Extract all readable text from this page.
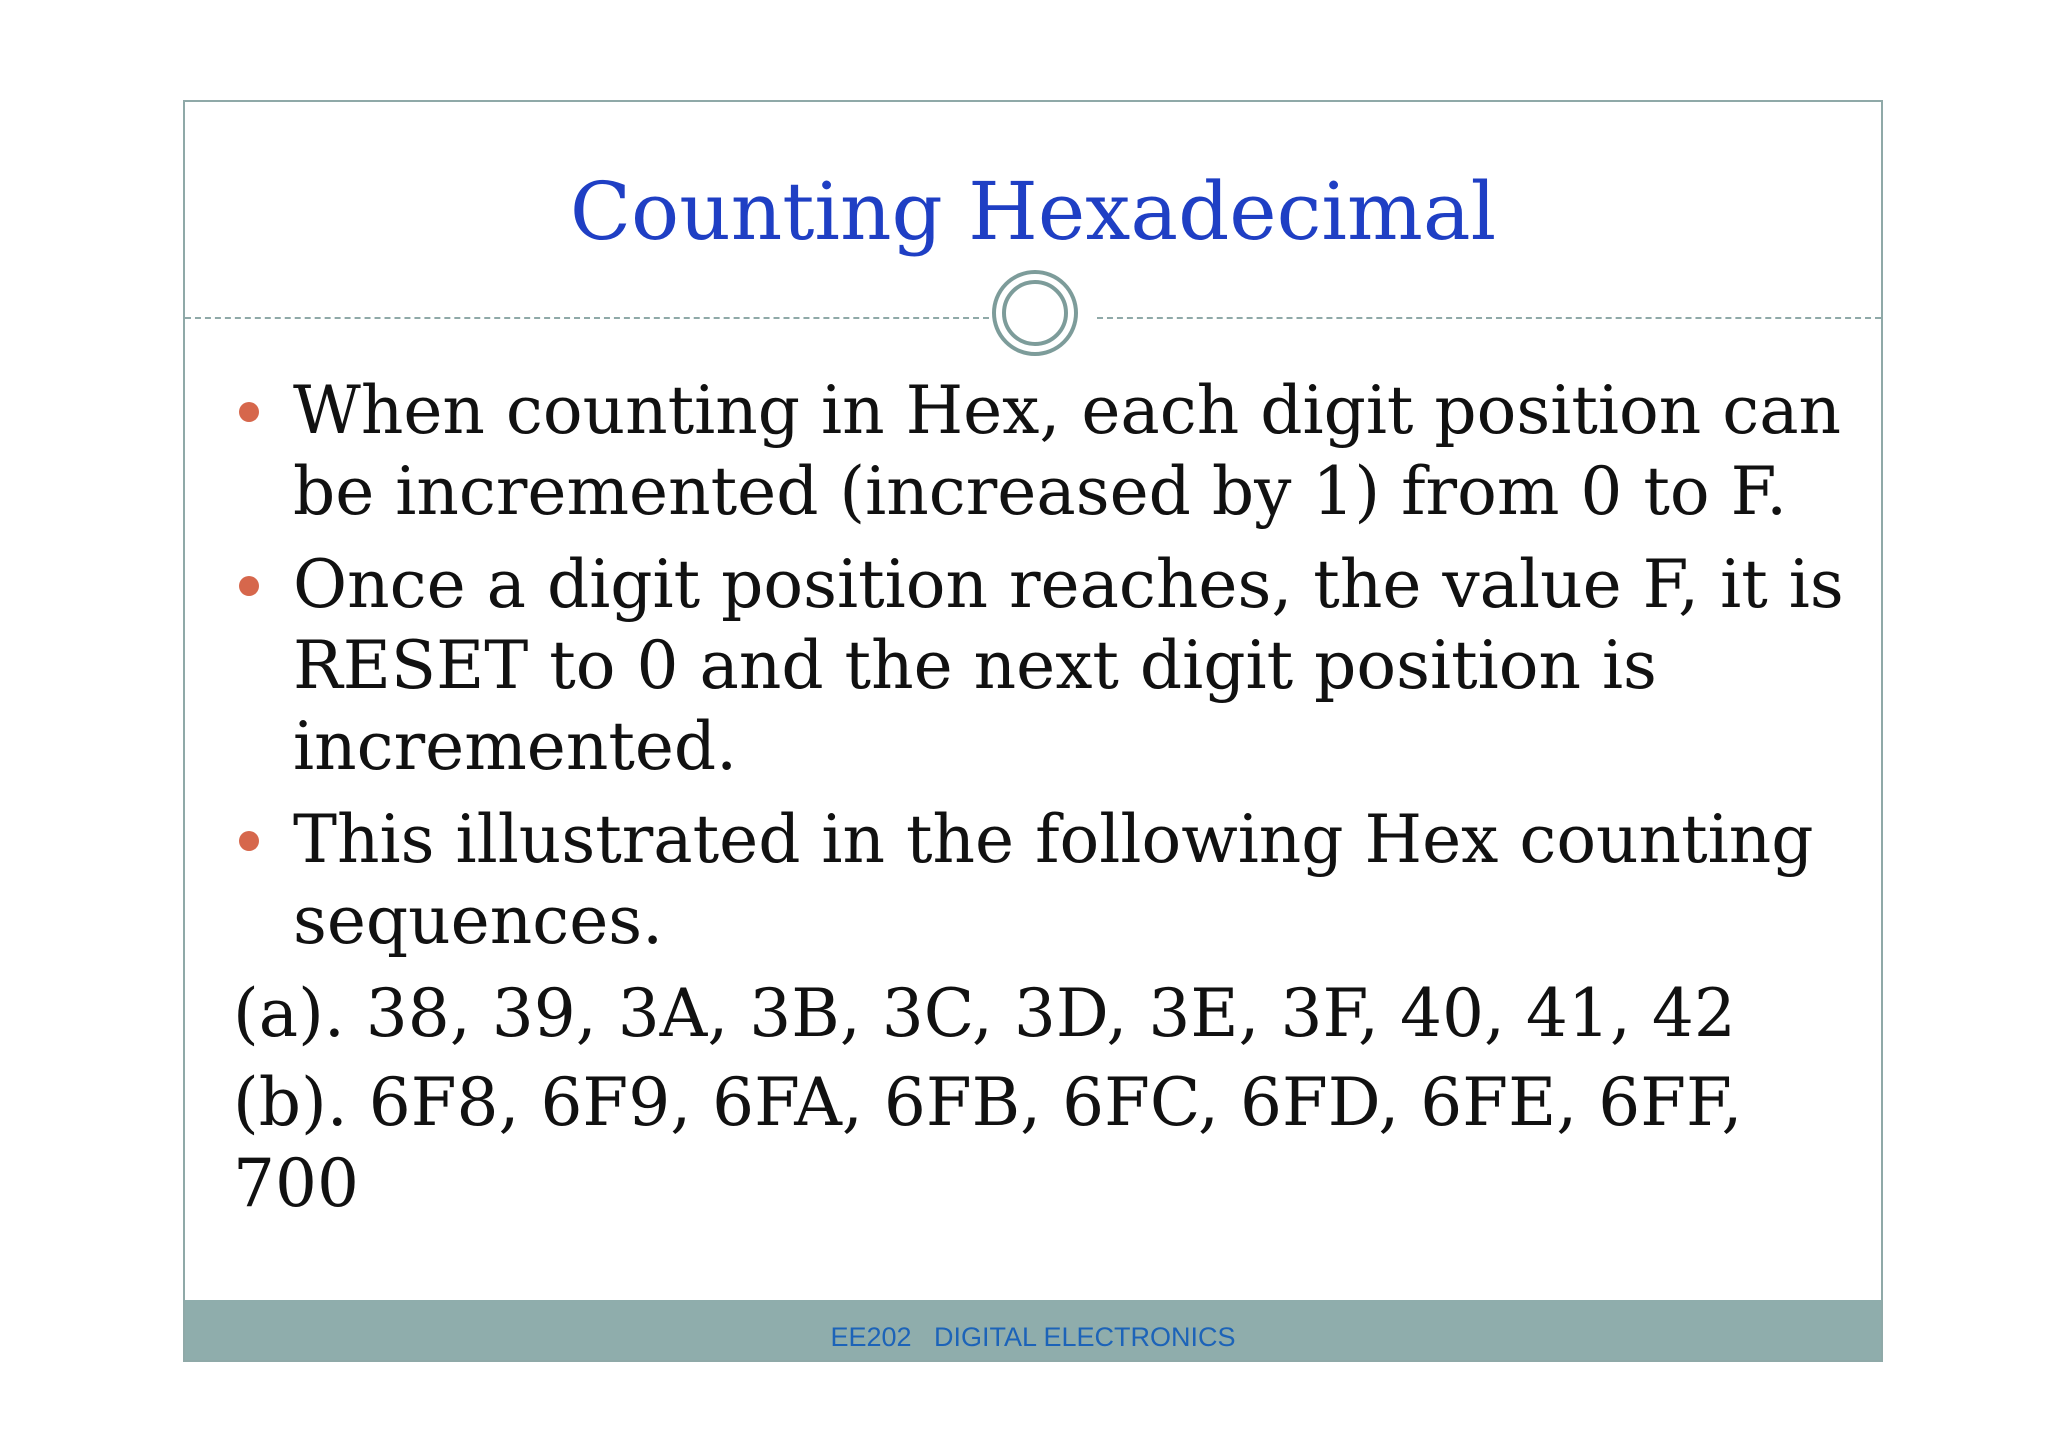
Counting Hexadecimal
When counting in Hex, each digit position can be incremented (increased by 1) from 0 to F.
Once a digit position reaches, the value F, it is RESET to 0 and the next digit position is incremented.
This illustrated in the following Hex counting sequences.

(a). 38, 39, 3A, 3B, 3C, 3D, 3E, 3F, 40, 41, 42

(b). 6F8, 6F9, 6FA, 6FB, 6FC, 6FD, 6FE, 6FF, 700

EE202   DIGITAL ELECTRONICS
